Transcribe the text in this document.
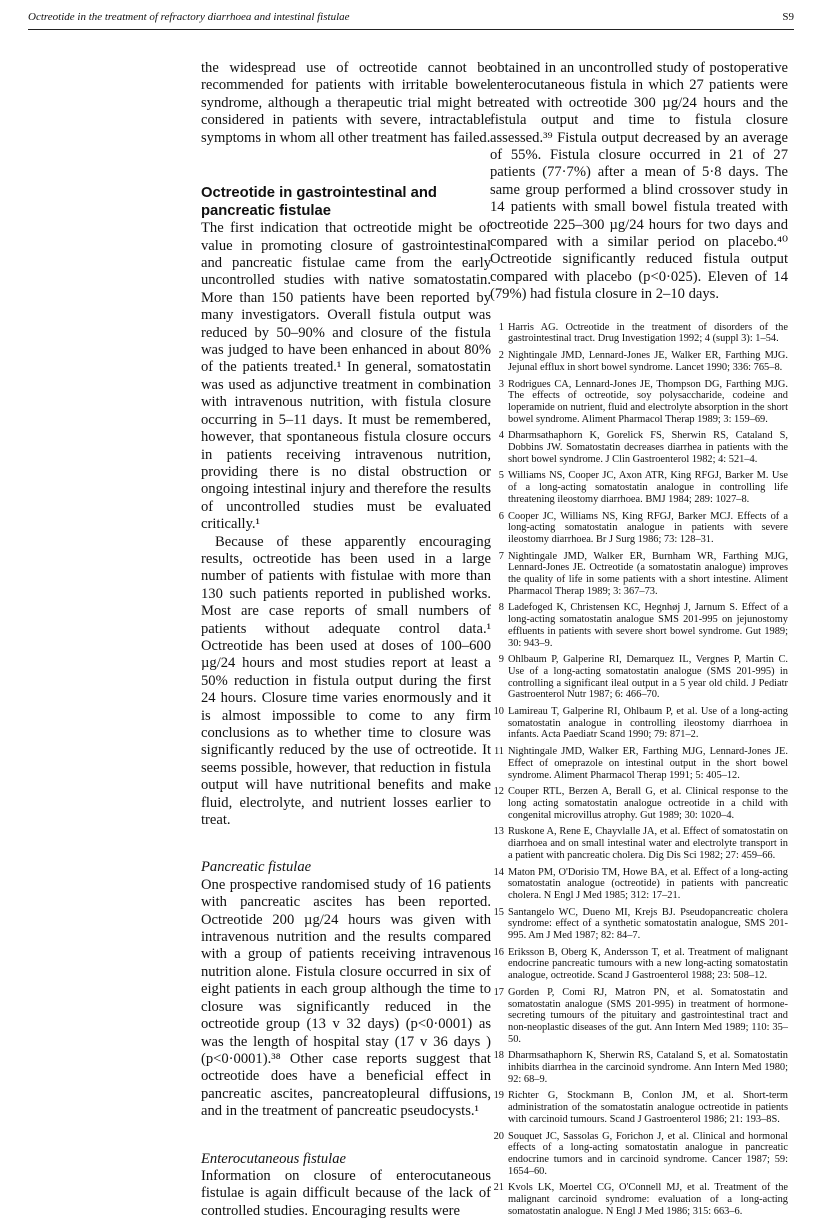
Octreotide in the treatment of refractory diarrhoea and intestinal fistulae	S9

the widespread use of octreotide cannot be recommended for patients with irritable bowel syndrome, although a therapeutic trial might be considered in patients with severe, intractable symptoms in whom all other treatment has failed.

Octreotide in gastrointestinal and pancreatic fistulae

The first indication that octreotide might be of value in promoting closure of gastrointestinal and pancreatic fistulae came from the early uncontrolled studies with native somatostatin. More than 150 patients have been reported by many investigators. Overall fistula output was reduced by 50–90% and closure of the fistula was judged to have been enhanced in about 80% of the patients treated.¹ In general, somatostatin was used as adjunctive treatment in combination with intravenous nutrition, with fistula closure occurring in 5–11 days. It must be remembered, however, that spontaneous fistula closure occurs in patients receiving intravenous nutrition, providing there is no distal obstruction or ongoing intestinal injury and therefore the results of uncontrolled studies must be evaluated critically.¹

Because of these apparently encouraging results, octreotide has been used in a large number of patients with fistulae with more than 130 such patients reported in published works. Most are case reports of small numbers of patients without adequate control data.¹ Octreotide has been used at doses of 100–600 µg/24 hours and most studies report at least a 50% reduction in fistula output during the first 24 hours. Closure time varies enormously and it is almost impossible to come to any firm conclusions as to whether time to closure was significantly reduced by the use of octreotide. It seems possible, however, that reduction in fistula output will have nutritional benefits and make fluid, electrolyte, and nutrient losses earlier to treat.

Pancreatic fistulae

One prospective randomised study of 16 patients with pancreatic ascites has been reported. Octreotide 200 µg/24 hours was given with intravenous nutrition and the results compared with a group of patients receiving intravenous nutrition alone. Fistula closure occurred in six of eight patients in each group although the time to closure was significantly reduced in the octreotide group (13 v 32 days) (p<0·0001) as was the length of hospital stay (17 v 36 days ) (p<0·0001).³⁸ Other case reports suggest that octreotide does have a beneficial effect in pancreatic ascites, pancreatopleural diffusions, and in the treatment of pancreatic pseudocysts.¹

Enterocutaneous fistulae

Information on closure of enterocutaneous fistulae is again difficult because of the lack of controlled studies. Encouraging results were

obtained in an uncontrolled study of postoperative enterocutaneous fistula in which 27 patients were treated with octreotide 300 µg/24 hours and the fistula output and time to fistula closure assessed.³⁹ Fistula output decreased by an average of 55%. Fistula closure occurred in 21 of 27 patients (77·7%) after a mean of 5·8 days. The same group performed a blind crossover study in 14 patients with small bowel fistula treated with octreotide 225–300 µg/24 hours for two days and compared with a similar period on placebo.⁴⁰ Octreotide significantly reduced fistula output compared with placebo (p<0·025). Eleven of 14 (79%) had fistula closure in 2–10 days.

1 Harris AG. Octreotide in the treatment of disorders of the gastrointestinal tract. Drug Investigation 1992; 4 (suppl 3): 1–54.
2 Nightingale JMD, Lennard-Jones JE, Walker ER, Farthing MJG. Jejunal efflux in short bowel syndrome. Lancet 1990; 336: 765–8.
3 Rodrigues CA, Lennard-Jones JE, Thompson DG, Farthing MJG. The effects of octreotide, soy polysaccharide, codeine and loperamide on nutrient, fluid and electrolyte absorption in the short bowel syndrome. Aliment Pharmacol Therap 1989; 3: 159–69.
4 Dharmsathaphorn K, Gorelick FS, Sherwin RS, Cataland S, Dobbins JW. Somatostatin decreases diarrhea in patients with the short bowel syndrome. J Clin Gastroenterol 1982; 4: 521–4.
5 Williams NS, Cooper JC, Axon ATR, King RFGJ, Barker M. Use of a long-acting somatostatin analogue in controlling life threatening ileostomy diarrhoea. BMJ 1984; 289: 1027–8.
6 Cooper JC, Williams NS, King RFGJ, Barker MCJ. Effects of a long-acting somatostatin analogue in patients with severe ileostomy diarrhoea. Br J Surg 1986; 73: 128–31.
7 Nightingale JMD, Walker ER, Burnham WR, Farthing MJG, Lennard-Jones JE. Octreotide (a somatostatin analogue) improves the quality of life in some patients with a short intestine. Aliment Pharmacol Therap 1989; 3: 367–73.
8 Ladefoged K, Christensen KC, Hegnhøj J, Jarnum S. Effect of a long-acting somatostatin analogue SMS 201-995 on jejunostomy effluents in patients with severe short bowel syndrome. Gut 1989; 30: 943–9.
9 Ohlbaum P, Galperine RI, Demarquez IL, Vergnes P, Martin C. Use of a long-acting somatostatin analogue (SMS 201-995) in controlling a significant ileal output in a 5 year old child. J Pediatr Gastroenterol Nutr 1987; 6: 466–70.
10 Lamireau T, Galperine RI, Ohlbaum P, et al. Use of a long-acting somatostatin analogue in controlling ileostomy diarrhoea in infants. Acta Paediatr Scand 1990; 79: 871–2.
11 Nightingale JMD, Walker ER, Farthing MJG, Lennard-Jones JE. Effect of omeprazole on intestinal output in the short bowel syndrome. Aliment Pharmacol Therap 1991; 5: 405–12.
12 Couper RTL, Berzen A, Berall G, et al. Clinical response to the long acting somatostatin analogue octreotide in a child with congenital microvillus atrophy. Gut 1989; 30: 1020–4.
13 Ruskone A, Rene E, Chayvlalle JA, et al. Effect of somatostatin on diarrhoea and on small intestinal water and electrolyte transport in a patient with pancreatic cholera. Dig Dis Sci 1982; 27: 459–66.
14 Maton PM, O'Dorisio TM, Howe BA, et al. Effect of a long-acting somatostatin analogue (octreotide) in patients with pancreatic cholera. N Engl J Med 1985; 312: 17–21.
15 Santangelo WC, Dueno MI, Krejs BJ. Pseudopancreatic cholera syndrome: effect of a synthetic somatostatin analogue, SMS 201-995. Am J Med 1987; 82: 84–7.
16 Eriksson B, Oberg K, Andersson T, et al. Treatment of malignant endocrine pancreatic tumours with a new long-acting somatostatin analogue, octreotide. Scand J Gastroenterol 1988; 23: 508–12.
17 Gorden P, Comi RJ, Matron PN, et al. Somatostatin and somatostatin analogue (SMS 201-995) in treatment of hormone-secreting tumours of the pituitary and gastrointestinal tract and non-neoplastic diseases of the gut. Ann Intern Med 1989; 110: 35–50.
18 Dharmsathaphorn K, Sherwin RS, Cataland S, et al. Somatostatin inhibits diarrhea in the carcinoid syndrome. Ann Intern Med 1980; 92: 68–9.
19 Richter G, Stockmann B, Conlon JM, et al. Short-term administration of the somatostatin analogue octreotide in patients with carcinoid tumours. Scand J Gastroenterol 1986; 21: 193–8S.
20 Souquet JC, Sassolas G, Forichon J, et al. Clinical and hormonal effects of a long-acting somatostatin analogue in pancreatic endocrine tumors and in carcinoid syndrome. Cancer 1987; 59: 1654–60.
21 Kvols LK, Moertel CG, O'Connell MJ, et al. Treatment of the malignant carcinoid syndrome: evaluation of a long-acting somatostatin analogue. N Engl J Med 1986; 315: 663–6.
